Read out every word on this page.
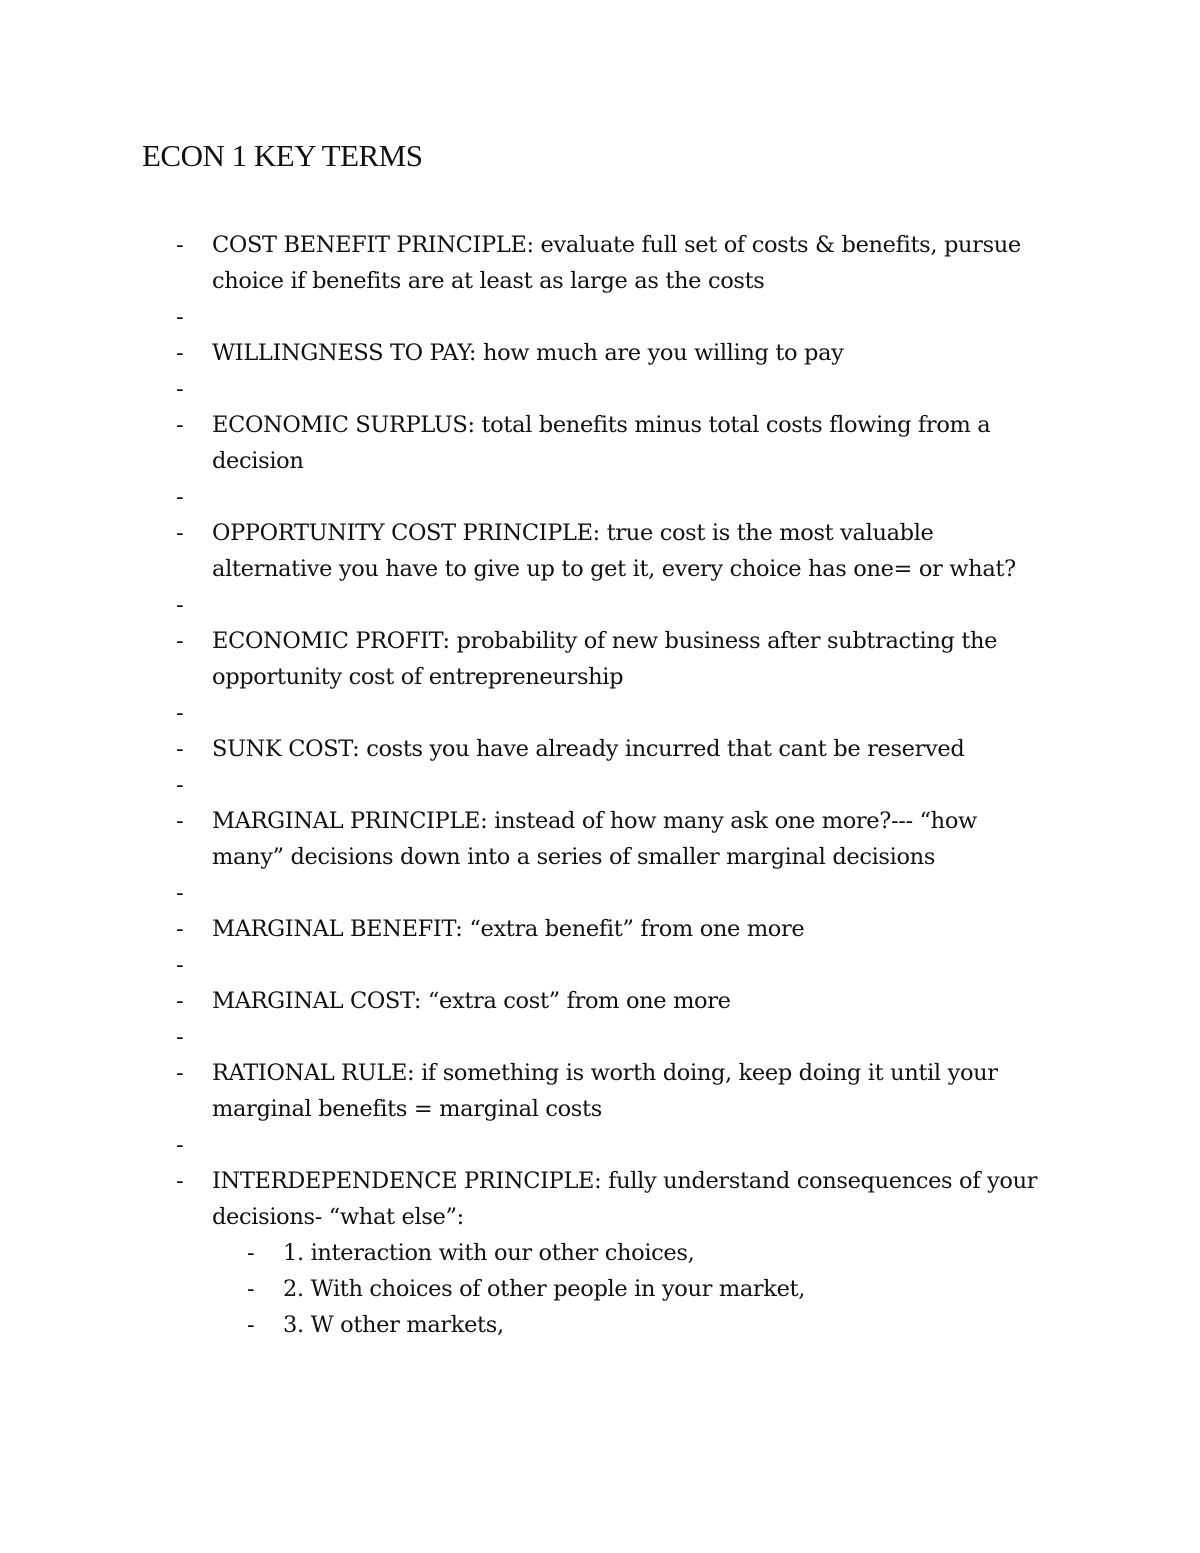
ECON 1 KEY TERMS
- COST BENEFIT PRINCIPLE: evaluate full set of costs & benefits, pursue choice if benefits are at least as large as the costs
-

- WILLINGNESS TO PAY: how much are you willing to pay
-

- ECONOMIC SURPLUS: total benefits minus total costs flowing from a decision
-

- OPPORTUNITY COST PRINCIPLE: true cost is the most valuable alternative you have to give up to get it, every choice has one= or what?
-

- ECONOMIC PROFIT: probability of new business after subtracting the opportunity cost of entrepreneurship
-

- SUNK COST: costs you have already incurred that cant be reserved
-

- MARGINAL PRINCIPLE: instead of how many ask one more?--- “how many” decisions down into a series of smaller marginal decisions
-

- MARGINAL BENEFIT: “extra benefit” from one more
-

- MARGINAL COST: “extra cost” from one more
-

- RATIONAL RULE: if something is worth doing, keep doing it until your marginal benefits = marginal costs
-

- INTERDEPENDENCE PRINCIPLE: fully understand consequences of your decisions- “what else”:
- 1. interaction with our other choices,
- 2. With choices of other people in your market,
- 3. W other markets,
